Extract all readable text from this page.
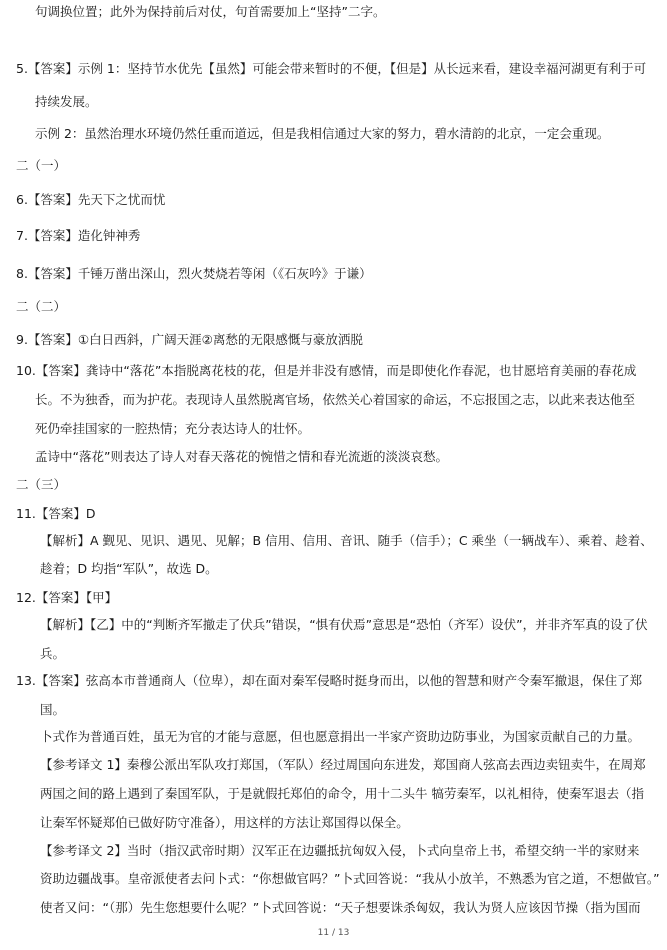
句调换位置；此外为保持前后对仗，句首需要加上“坚持”二字。
5.【答案】示例 1：坚持节水优先【虽然】可能会带来暂时的不便，【但是】从长远来看，建设幸福河湖更有利于可
持续发展。
示例 2：虽然治理水环境仍然任重而道远，但是我相信通过大家的努力，碧水清韵的北京，一定会重现。
二（一）
6.【答案】先天下之忧而忧
7.【答案】造化钟神秀
8.【答案】千锤万凿出深山，烈火焚烧若等闲（《石灰吟》于谦）
二（二）
9.【答案】①白日西斜，广阔天涯②离愁的无限感慨与豪放洒脱
10.【答案】龚诗中“落花”本指脱离花枝的花，但是并非没有感情，而是即使化作春泥，也甘愿培育美丽的春花成
长。不为独香，而为护花。表现诗人虽然脱离官场，依然关心着国家的命运，不忘报国之志，以此来表达他至
死仍牵挂国家的一腔热情；充分表达诗人的壮怀。
孟诗中“落花”则表达了诗人对春天落花的惋惜之情和春光流逝的淡淡哀愁。
二（三）
11.【答案】D
【解析】A 觐见、见识、遇见、见解；B 信用、信用、音讯、随手（信手）；C 乘坐（一辆战车）、乘着、趁着、
趁着；D 均指“军队”，故选 D。
12.【答案】【甲】
【解析】【乙】中的“判断齐军撤走了伏兵”错误，“惧有伏焉”意思是“恐怕（齐军）设伏”，并非齐军真的设了伏
兵。
13.【答案】弦高本市普通商人（位卑），却在面对秦军侵略时挺身而出，以他的智慧和财产令秦军撤退，保住了郑
国。
卜式作为普通百姓，虽无为官的才能与意愿，但也愿意捐出一半家产资助边防事业，为国家贡献自己的力量。
【参考译文 1】秦穆公派出军队攻打郑国，（军队）经过周国向东进发，郑国商人弦高去西边卖钮卖牛，在周郑
两国之间的路上遇到了秦国军队，于是就假托郑伯的命令，用十二头牛 犒劳秦军，以礼相待，使秦军退去（指
让秦军怀疑郑伯已做好防守准备），用这样的方法让郑国得以保全。
【参考译文 2】当时（指汉武帝时期）汉军正在边疆抵抗匈奴入侵，卜式向皇帝上书，希望交纳一半的家财来
资助边疆战事。皇帝派使者去问卜式：“你想做官吗？”卜式回答说：“我从小放羊，不熟悉为官之道，不想做官。”
使者又问：“（那）先生您想要什么呢？”卜式回答说：“天子想要诛杀匈奴，我认为贤人应该因节操（指为国而
11 / 13
